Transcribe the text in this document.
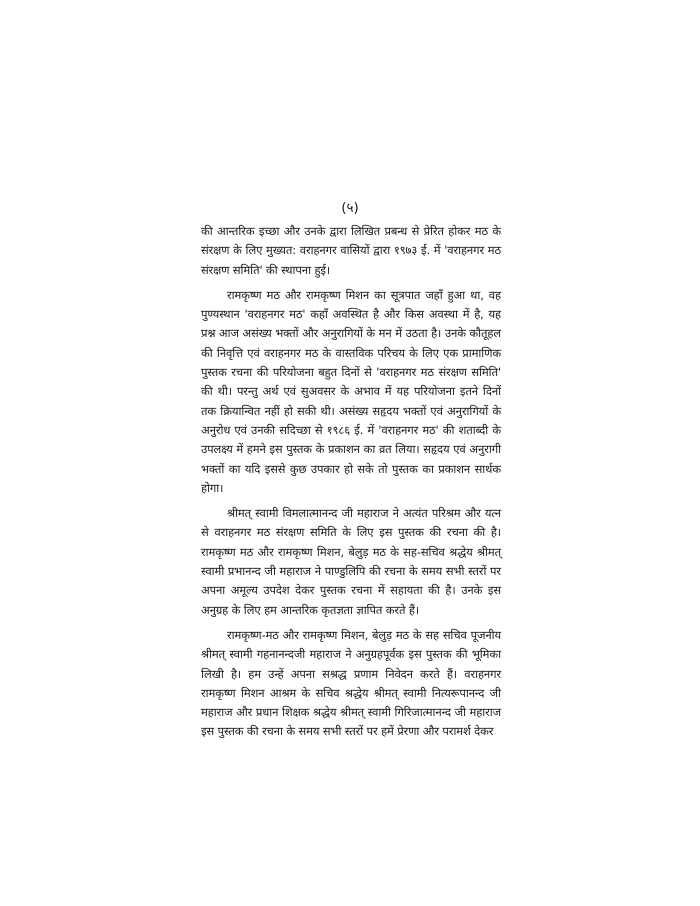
(५)

की आन्तरिक इच्छा और उनके द्वारा लिखित प्रबन्ध से प्रेरित होकर मठ के संरक्षण के लिए मुख्यत: वराहनगर वासियों द्वारा १९७३ ई. में 'वराहनगर मठ संरक्षण समिति' की स्थापना हुई।

रामकृष्ण मठ और रामकृष्ण मिशन का सूत्रपात जहाँ हुआ था, वह पुण्यस्थान 'वराहनगर मठ' कहाँ अवस्थित है और किस अवस्था में है, यह प्रश्न आज असंख्य भक्तों और अनुरागियों के मन में उठता है। उनके कौतूहल की निवृत्ति एवं वराहनगर मठ के वास्तविक परिचय के लिए एक प्रामाणिक पुस्तक रचना की परियोजना बहुत दिनों से 'वराहनगर मठ संरक्षण समिति' की थी। परन्तु अर्थ एवं सुअवसर के अभाव में यह परियोजना इतने दिनों तक क्रियान्वित नहीं हो सकी थी। असंख्य सहृदय भक्तों एवं अनुरागियों के अनुरोध एवं उनकी सदिच्छा से १९८६ ई. में 'वराहनगर मठ' की शताब्दी के उपलक्ष्य में हमने इस पुस्तक के प्रकाशन का व्रत लिया। सहृदय एवं अनुरागी भक्तों का यदि इससे कुछ उपकार हो सके तो पुस्तक का प्रकाशन सार्थक होगा।

श्रीमत् स्वामी विमलात्मानन्द जी महाराज ने अत्यंत परिश्रम और यत्न से वराहनगर मठ संरक्षण समिति के लिए इस पुस्तक की रचना की है। रामकृष्ण मठ और रामकृष्ण मिशन, बेलुड़ मठ के सह-सचिव श्रद्धेय श्रीमत् स्वामी प्रभानन्द जी महाराज ने पाण्डुलिपि की रचना के समय सभी स्तरों पर अपना अमूल्य उपदेश देकर पुस्तक रचना में सहायता की है। उनके इस अनुग्रह के लिए हम आन्तरिक कृतज्ञता ज्ञापित करते हैं।

रामकृष्ण-मठ और रामकृष्ण मिशन, बेलुड़ मठ के सह सचिव पूजनीय श्रीमत् स्वामी गहनानन्दजी महाराज ने अनुग्रहपूर्वक इस पुस्तक की भूमिका लिखी है। हम उन्हें अपना सश्रद्ध प्रणाम निवेदन करते हैं। वराहनगर रामकृष्ण मिशन आश्रम के सचिव श्रद्धेय श्रीमत् स्वामी नित्यरूपानन्द जी महाराज और प्रधान शिक्षक श्रद्धेय श्रीमत् स्वामी गिरिजात्मानन्द जी महाराज इस पुस्तक की रचना के समय सभी स्तरों पर हमें प्रेरणा और परामर्श देकर
